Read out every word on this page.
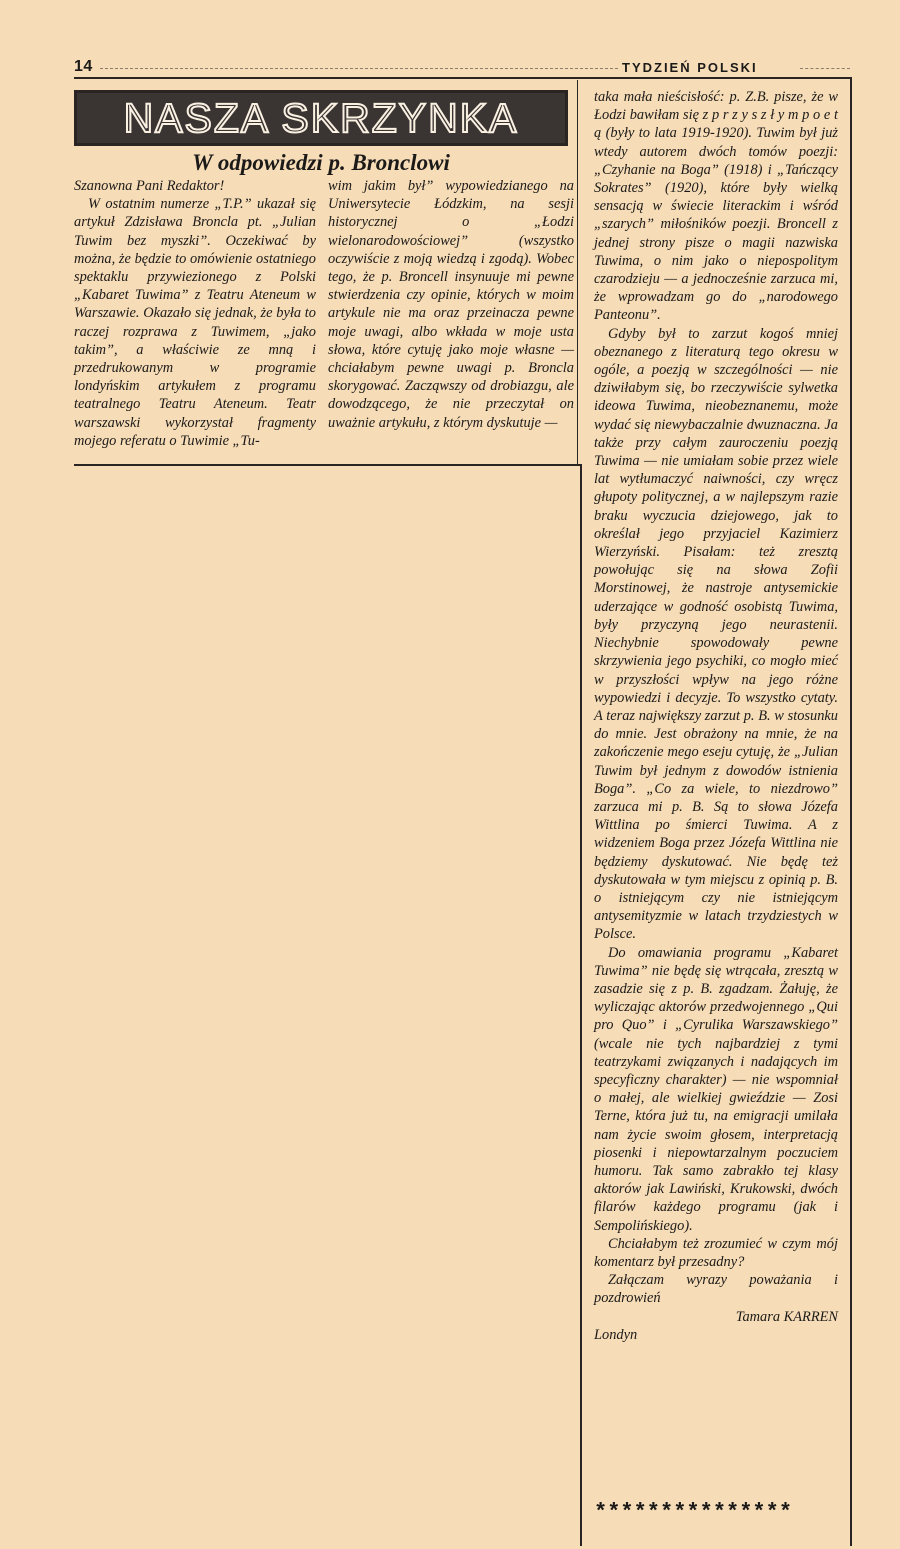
14	TYDZIEŃ POLSKI
NASZA SKRZYNKA
W odpowiedzi p. Bronclowi

Szanowna Pani Redaktor!

W ostatnim numerze „T.P.” ukazał się artykuł Zdzisława Broncla pt. „Julian Tuwim bez myszki”. Oczekiwać by można, że będzie to omówienie ostatniego spektaklu przywiezionego z Polski „Kabaret Tuwima” z Teatru Ateneum w Warszawie. Okazało się jednak, że była to raczej rozprawa z Tuwimem, „jako takim”, a właściwie ze mną i przedrukowanym w programie londyńskim artykułem z programu teatralnego Teatru Ateneum. Teatr warszawski wykorzystał fragmenty mojego referatu o Tuwimie „Tu-

wim jakim był” wypowiedzianego na Uniwersytecie Łódzkim, na sesji historycznej o „Łodzi wielonarodowościowej” (wszystko oczywiście z moją wiedzą i zgodą). Wobec tego, że p. Broncell insynuuje mi pewne stwierdzenia czy opinie, których w moim artykule nie ma oraz przeinacza pewne moje uwagi, albo wkłada w moje usta słowa, które cytuję jako moje własne — chciałabym pewne uwagi p. Broncla skorygować. Zacząwszy od drobiazgu, ale dowodzącego, że nie przeczytał on uważnie artykułu, z którym dyskutuje —

taka mała nieścisłość: p. Z.B. pisze, że w Łodzi bawiłam się z p r z y s z ł y m p o e t ą (były to lata 1919-1920). Tuwim był już wtedy autorem dwóch tomów poezji: „Czyhanie na Boga” (1918) i „Tańczący Sokrates” (1920), które były wielką sensacją w świecie literackim i wśród „szarych” miłośników poezji. Broncell z jednej strony pisze o magii nazwiska Tuwima, o nim jako o niepospolitym czarodzieju — a jednocześnie zarzuca mi, że wprowadzam go do „narodowego Panteonu”.

Gdyby był to zarzut kogoś mniej obeznanego z literaturą tego okresu w ogóle, a poezją w szczególności — nie dziwiłabym się, bo rzeczywiście sylwetka ideowa Tuwima, nieobeznanemu, może wydać się niewybaczalnie dwuznaczna. Ja także przy całym zauroczeniu poezją Tuwima — nie umiałam sobie przez wiele lat wytłumaczyć naiwności, czy wręcz głupoty politycznej, a w najlepszym razie braku wyczucia dziejowego, jak to określał jego przyjaciel Kazimierz Wierzyński. Pisałam: też zresztą powołując się na słowa Zofii Morstinowej, że nastroje antysemickie uderzające w godność osobistą Tuwima, były przyczyną jego neurastenii. Niechybnie spowodowały pewne skrzywienia jego psychiki, co mogło mieć w przyszłości wpływ na jego różne wypowiedzi i decyzje. To wszystko cytaty. A teraz największy zarzut p. B. w stosunku do mnie. Jest obrażony na mnie, że na zakończenie mego eseju cytuję, że „Julian Tuwim był jednym z dowodów istnienia Boga”. „Co za wiele, to niezdrowo” zarzuca mi p. B. Są to słowa Józefa Wittlina po śmierci Tuwima. A z widzeniem Boga przez Józefa Wittlina nie będziemy dyskutować. Nie będę też dyskutowała w tym miejscu z opinią p. B. o istniejącym czy nie istniejącym antysemityzmie w latach trzydziestych w Polsce.

Do omawiania programu „Kabaret Tuwima” nie będę się wtrącała, zresztą w zasadzie się z p. B. zgadzam. Żałuję, że wyliczając aktorów przedwojennego „Qui pro Quo” i „Cyrulika Warszawskiego” (wcale nie tych najbardziej z tymi teatrzykami związanych i nadających im specyficzny charakter) — nie wspomniał o małej, ale wielkiej gwieździe — Zosi Terne, która już tu, na emigracji umilała nam życie swoim głosem, interpretacją piosenki i niepowtarzalnym poczuciem humoru. Tak samo zabrakło tej klasy aktorów jak Lawiński, Krukowski, dwóch filarów każdego programu (jak i Sempolińskiego).

Chciałabym też zrozumieć w czym mój komentarz był przesadny?

Załączam wyrazy poważania i pozdrowień

Tamara KARREN

Londyn

***************
